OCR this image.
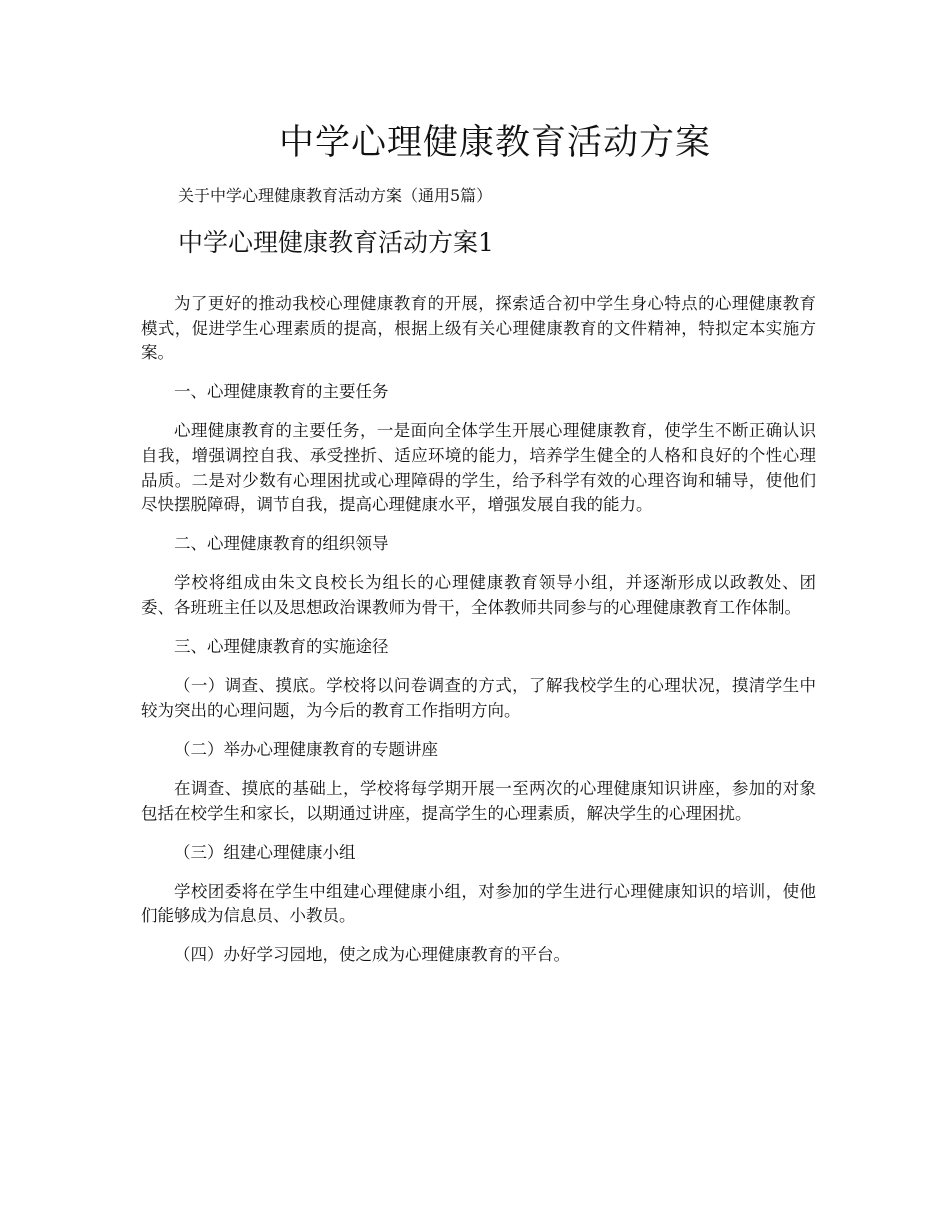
中学心理健康教育活动方案
关于中学心理健康教育活动方案（通用5篇）
中学心理健康教育活动方案1

为了更好的推动我校心理健康教育的开展，探索适合初中学生身心特点的心理健康教育模式，促进学生心理素质的提高，根据上级有关心理健康教育的文件精神，特拟定本实施方案。

一、心理健康教育的主要任务

心理健康教育的主要任务，一是面向全体学生开展心理健康教育，使学生不断正确认识自我，增强调控自我、承受挫折、适应环境的能力，培养学生健全的人格和良好的个性心理品质。二是对少数有心理困扰或心理障碍的学生，给予科学有效的心理咨询和辅导，使他们尽快摆脱障碍，调节自我，提高心理健康水平，增强发展自我的能力。

二、心理健康教育的组织领导

学校将组成由朱文良校长为组长的心理健康教育领导小组，并逐渐形成以政教处、团委、各班班主任以及思想政治课教师为骨干，全体教师共同参与的心理健康教育工作体制。

三、心理健康教育的实施途径

（一）调查、摸底。学校将以问卷调查的方式，了解我校学生的心理状况，摸清学生中较为突出的心理问题，为今后的教育工作指明方向。

（二）举办心理健康教育的专题讲座

在调查、摸底的基础上，学校将每学期开展一至两次的心理健康知识讲座，参加的对象包括在校学生和家长，以期通过讲座，提高学生的心理素质，解决学生的心理困扰。

（三）组建心理健康小组

学校团委将在学生中组建心理健康小组，对参加的学生进行心理健康知识的培训，使他们能够成为信息员、小教员。

（四）办好学习园地，使之成为心理健康教育的平台。
